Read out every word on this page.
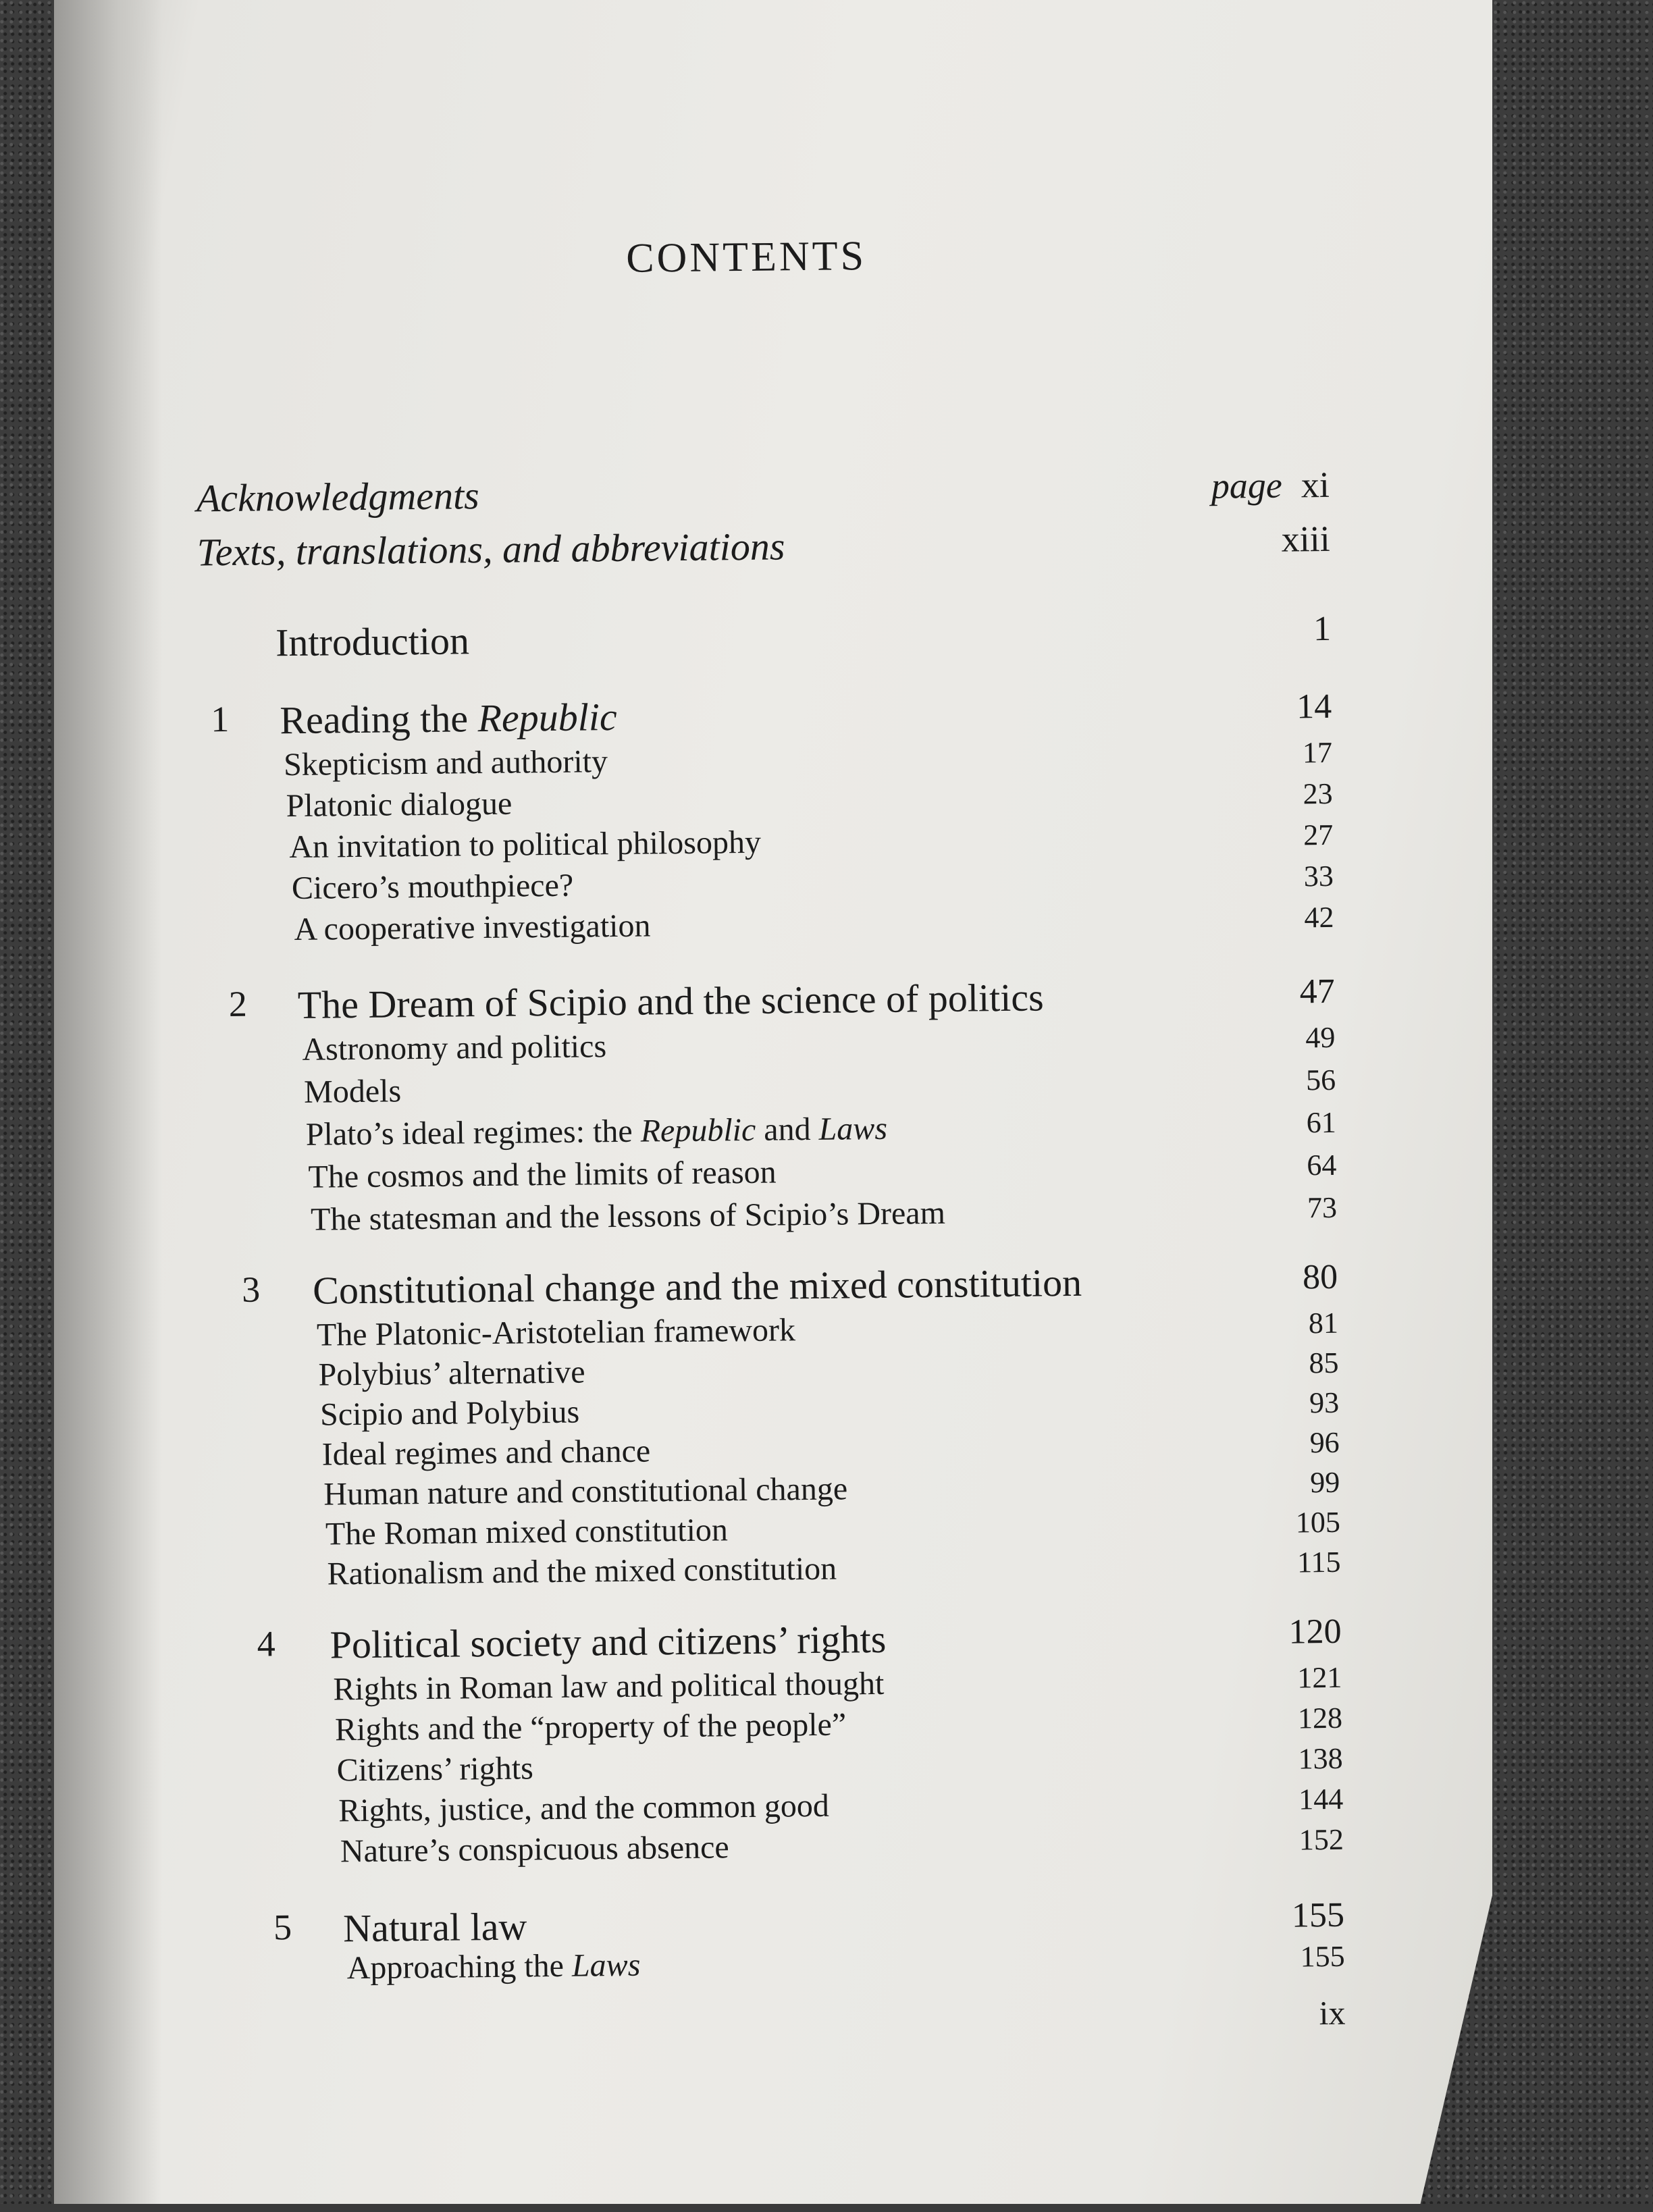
CONTENTS
Acknowledgments	page xi
Texts, translations, and abbreviations	xiii
Introduction	1
1 Reading the Republic	14
Skepticism and authority	17
Platonic dialogue	23
An invitation to political philosophy	27
Cicero’s mouthpiece?	33
A cooperative investigation	42
2 The Dream of Scipio and the science of politics	47
Astronomy and politics	49
Models	56
Plato’s ideal regimes: the Republic and Laws	61
The cosmos and the limits of reason	64
The statesman and the lessons of Scipio’s Dream	73
3 Constitutional change and the mixed constitution	80
The Platonic-Aristotelian framework	81
Polybius’ alternative	85
Scipio and Polybius	93
Ideal regimes and chance	96
Human nature and constitutional change	99
The Roman mixed constitution	105
Rationalism and the mixed constitution	115
4 Political society and citizens’ rights	120
Rights in Roman law and political thought	121
Rights and the “property of the people”	128
Citizens’ rights	138
Rights, justice, and the common good	144
Nature’s conspicuous absence	152
5 Natural law	155
Approaching the Laws	155
ix
